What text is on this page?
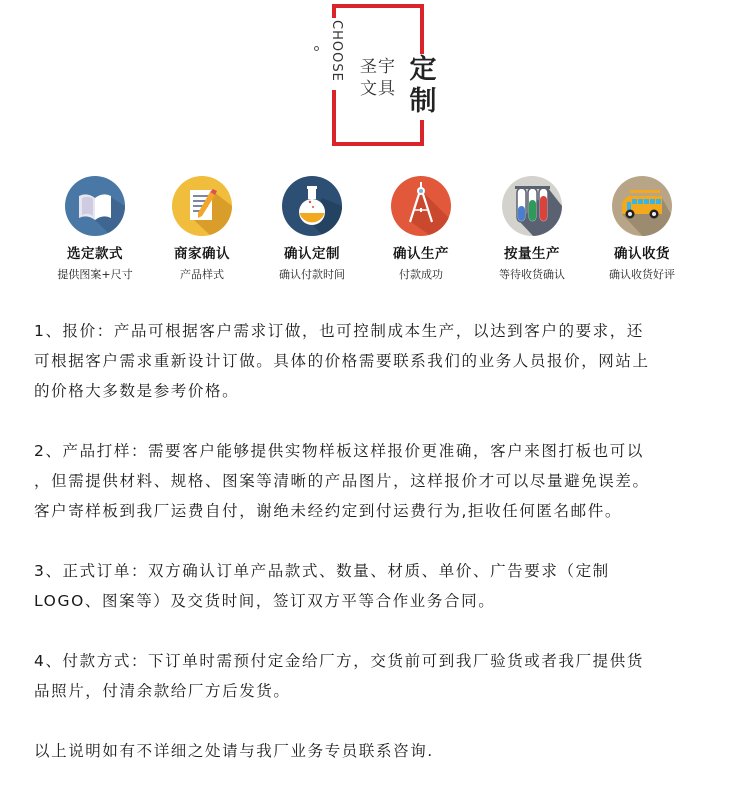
CHOOSE 圣宇
文具
定
制
选定款式
提供图案+尺寸
商家确认
产品样式
确认定制
确认付款时间
确认生产
付款成功
按量生产
等待收货确认
确认收货
确认收货好评

1、报价：产品可根据客户需求订做，也可控制成本生产，以达到客户的要求，还

可根据客户需求重新设计订做。具体的价格需要联系我们的业务人员报价，网站上

的价格大多数是参考价格。

2、产品打样：需要客户能够提供实物样板这样报价更准确，客户来图打板也可以

，但需提供材料、规格、图案等清晰的产品图片，这样报价才可以尽量避免误差。

客户寄样板到我厂运费自付，谢绝未经约定到付运费行为,拒收任何匿名邮件。

3、正式订单：双方确认订单产品款式、数量、材质、单价、广告要求（定制

LOGO、图案等）及交货时间，签订双方平等合作业务合同。

4、付款方式：下订单时需预付定金给厂方，交货前可到我厂验货或者我厂提供货

品照片，付清余款给厂方后发货。

以上说明如有不详细之处请与我厂业务专员联系咨询.
